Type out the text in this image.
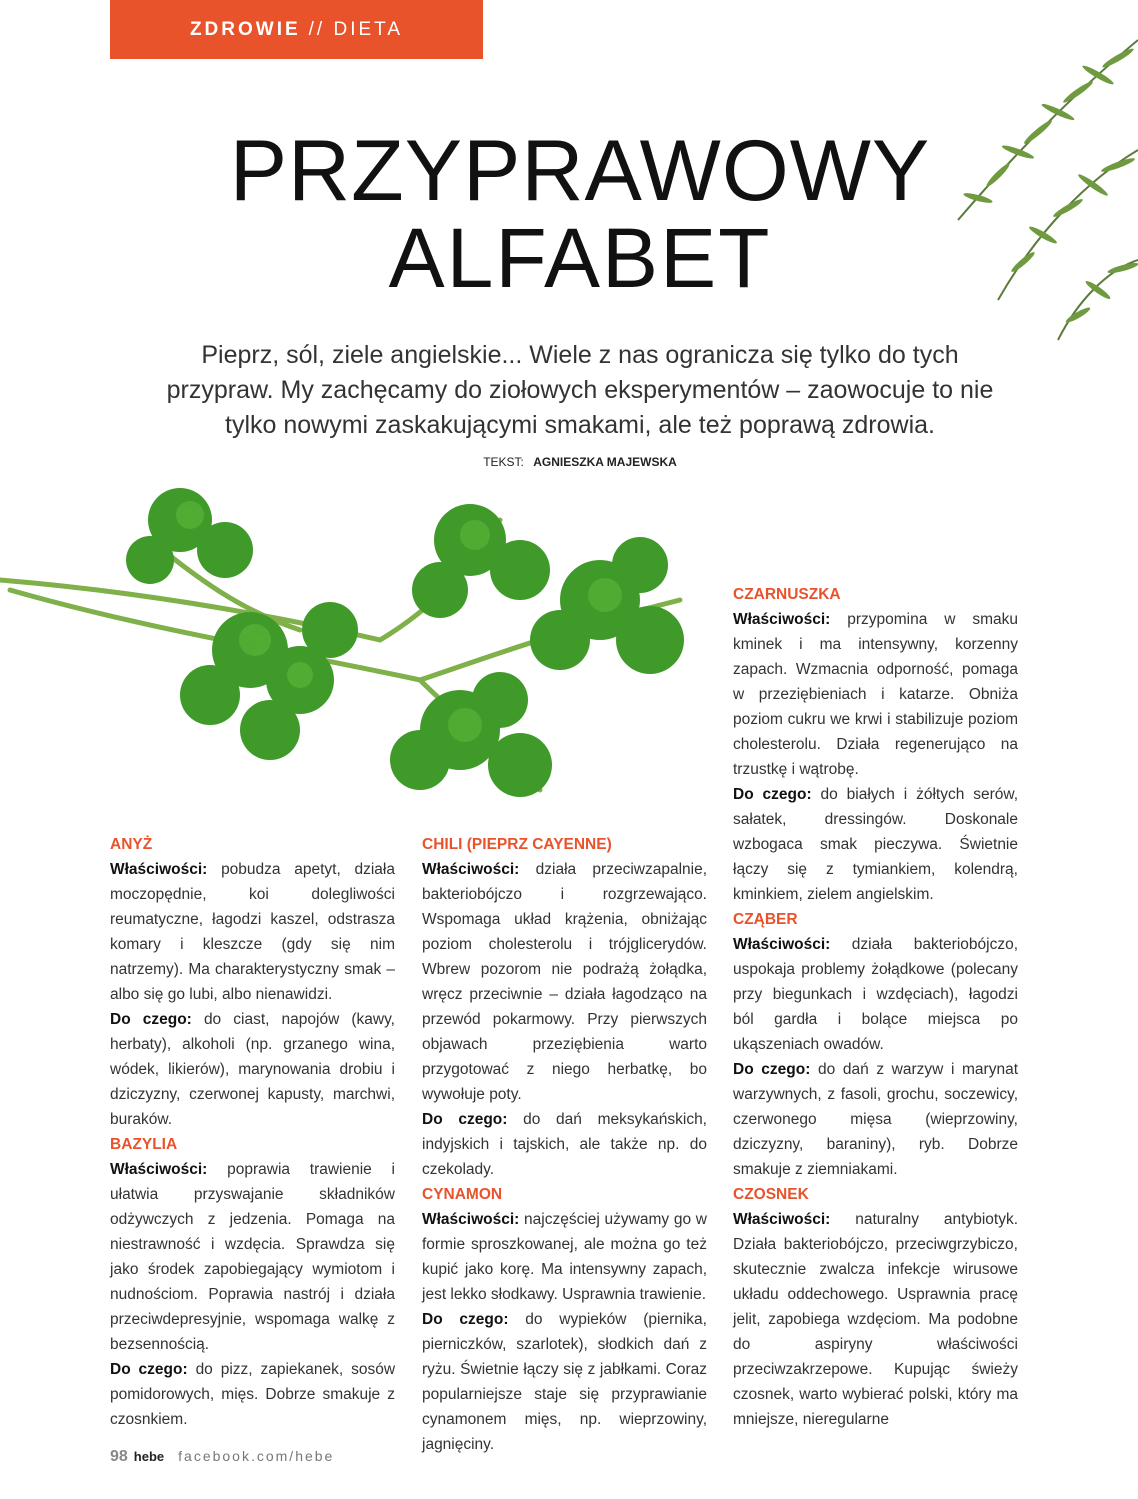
ZDROWIE //
DIETA
PRZYPRAWOWY
ALFABET
Pieprz, sól, ziele angielskie... Wiele z nas ogranicza się tylko do tych przypraw. My zachęcamy do ziołowych eksperymentów – zaowocuje to nie tylko nowymi zaskakującymi smakami, ale też poprawą zdrowia.
TEKST: AGNIESZKA MAJEWSKA
ANYŻ

Właściwości: pobudza apetyt, działa moczopędnie, koi dolegliwości reumatyczne, łagodzi kaszel, odstrasza komary i kleszcze (gdy się nim natrzemy). Ma charakterystyczny smak – albo się go lubi, albo nienawidzi.

Do czego: do ciast, napojów (kawy, herbaty), alkoholi (np. grzanego wina, wódek, likierów), marynowania drobiu i dziczyzny, czerwonej kapusty, marchwi, buraków.

BAZYLIA

Właściwości: poprawia trawienie i ułatwia przyswajanie składników odżywczych z jedzenia. Pomaga na niestrawność i wzdęcia. Sprawdza się jako środek zapobiegający wymiotom i nudnościom. Poprawia nastrój i działa przeciwdepresyjnie, wspomaga walkę z bezsennością.

Do czego: do pizz, zapiekanek, sosów pomidorowych, mięs. Dobrze smakuje z czosnkiem.

CHILI (PIEPRZ CAYENNE)

Właściwości: działa przeciwzapalnie, bakteriobójczo i rozgrzewająco. Wspomaga układ krążenia, obniżając poziom cholesterolu i trójglicerydów. Wbrew pozorom nie podrażą żołądka, wręcz przeciwnie – działa łagodząco na przewód pokarmowy. Przy pierwszych objawach przeziębienia warto przygotować z niego herbatkę, bo wywołuje poty.

Do czego: do dań meksykańskich, indyjskich i tajskich, ale także np. do czekolady.

CYNAMON

Właściwości: najczęściej używamy go w formie sproszkowanej, ale można go też kupić jako korę. Ma intensywny zapach, jest lekko słodkawy. Usprawnia trawienie.

Do czego: do wypieków (piernika, pierniczków, szarlotek), słodkich dań z ryżu. Świetnie łączy się z jabłkami. Coraz popularniejsze staje się przyprawianie cynamonem mięs, np. wieprzowiny, jagnięciny.

CZARNUSZKA

Właściwości: przypomina w smaku kminek i ma intensywny, korzenny zapach. Wzmacnia odporność, pomaga w przeziębieniach i katarze. Obniża poziom cukru we krwi i stabilizuje poziom cholesterolu. Działa regenerująco na trzustkę i wątrobę.

Do czego: do białych i żółtych serów, sałatek, dressingów. Doskonale wzbogaca smak pieczywa. Świetnie łączy się z tymiankiem, kolendrą, kminkiem, zielem angielskim.

CZĄBER

Właściwości: działa bakteriobójczo, uspokaja problemy żołądkowe (polecany przy biegunkach i wzdęciach), łagodzi ból gardła i bolące miejsca po ukąszeniach owadów.

Do czego: do dań z warzyw i marynat warzywnych, z fasoli, grochu, soczewicy, czerwonego mięsa (wieprzowiny, dziczyzny, baraniny), ryb. Dobrze smakuje z ziemniakami.

CZOSNEK

Właściwości: naturalny antybiotyk. Działa bakteriobójczo, przeciwgrzybiczo, skutecznie zwalcza infekcje wirusowe układu oddechowego. Usprawnia pracę jelit, zapobiega wzdęciom. Ma podobne do aspiryny właściwości przeciwzakrzepowe. Kupując świeży czosnek, warto wybierać polski, który ma mniejsze, nieregularne

98 hebe facebook.com/hebe
